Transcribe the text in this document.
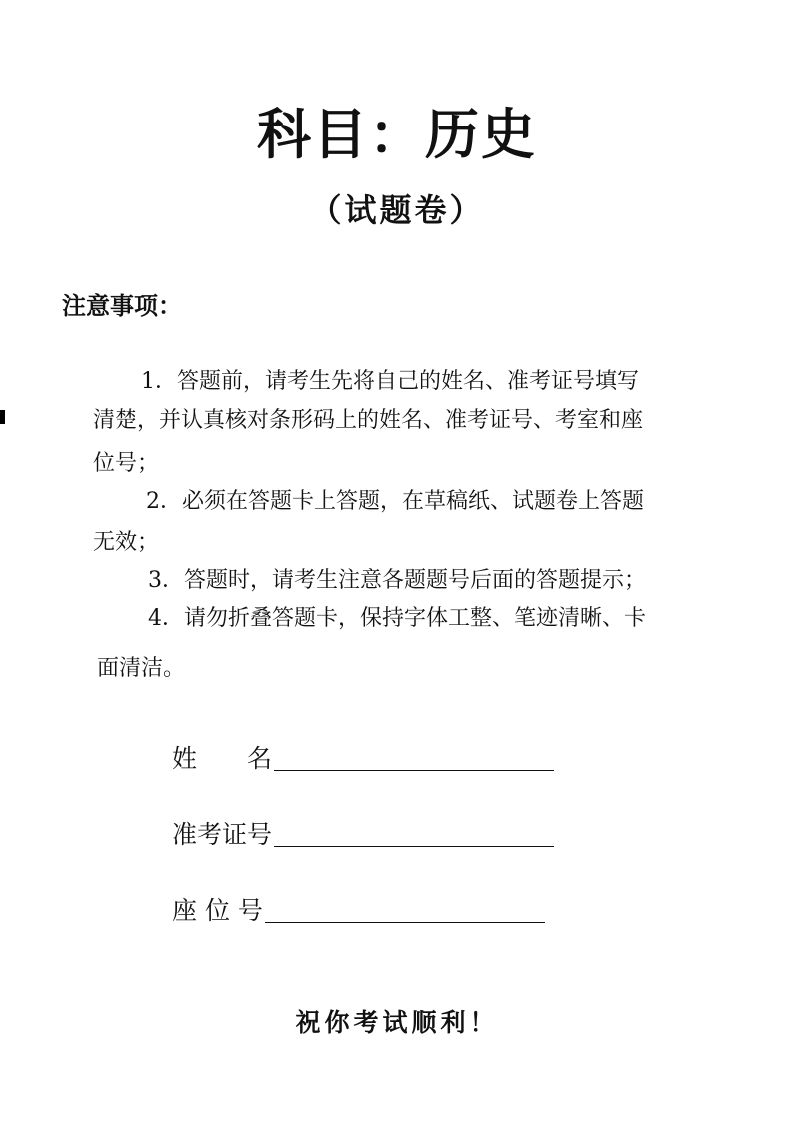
科目：历史
（试题卷）
注意事项：
1．答题前，请考生先将自己的姓名、准考证号填写
清楚，并认真核对条形码上的姓名、准考证号、考室和座
位号；
2．必须在答题卡上答题，在草稿纸、试题卷上答题
无效；
3．答题时，请考生注意各题题号后面的答题提示；
4．请勿折叠答题卡，保持字体工整、笔迹清晰、卡
面清洁。
姓　　名
准考证号
座 位 号
祝你考试顺利！
